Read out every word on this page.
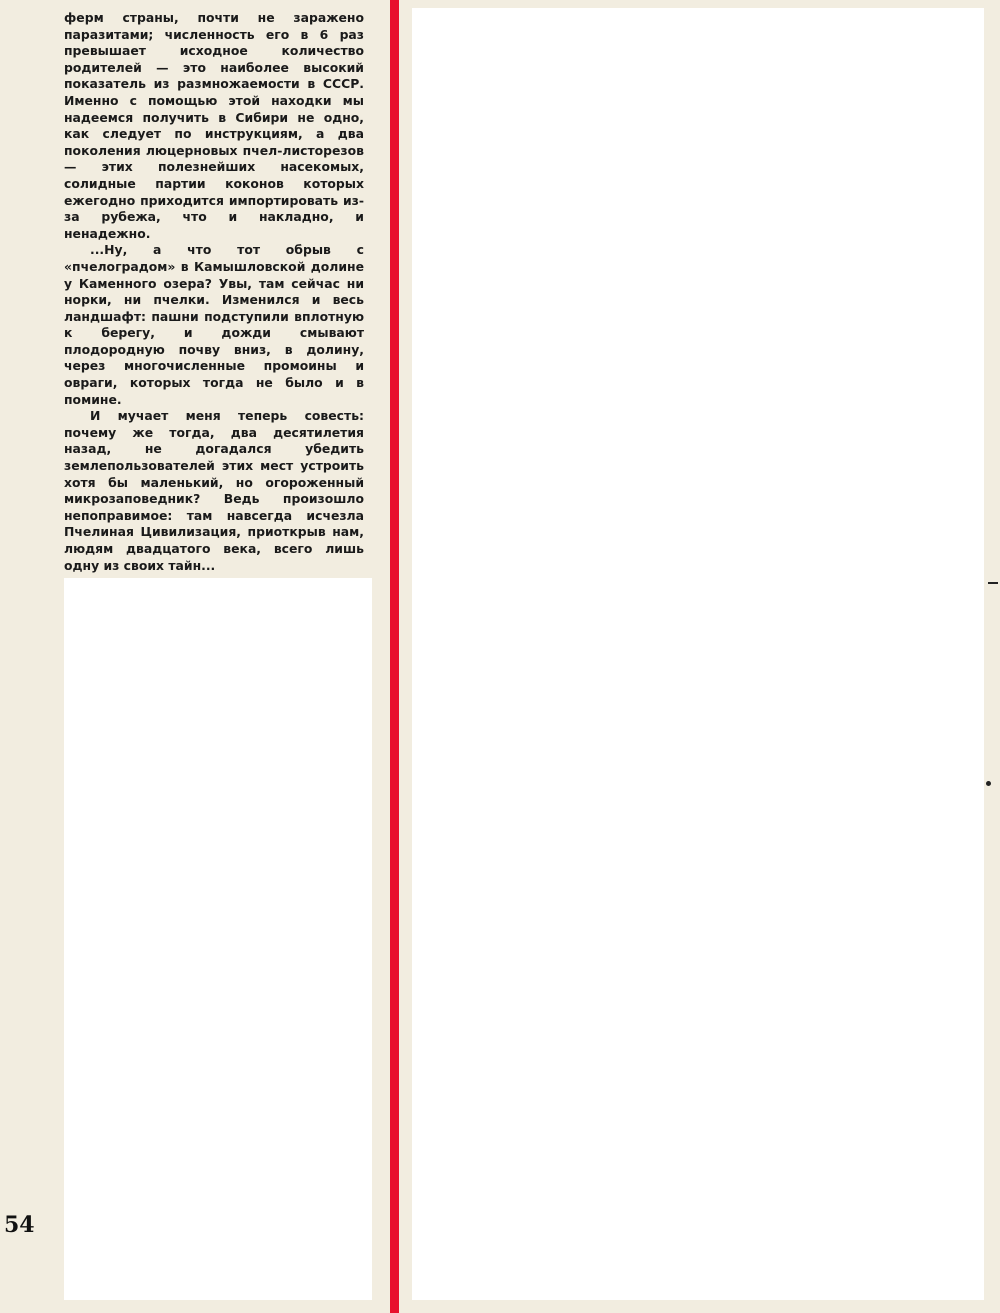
ферм страны, почти не заражено паразитами; численность его в 6 раз превышает исходное количество родителей — это наиболее высокий показатель из размножаемости в СССР. Именно с помощью этой находки мы надеемся получить в Сибири не одно, как следует по инструкциям, а два поколения люцерновых пчел-листорезов — этих полезнейших насекомых, солидные партии коконов которых ежегодно приходится импортировать из-за рубежа, что и накладно, и ненадежно.

...Ну, а что тот обрыв с «пчелоградом» в Камышловской долине у Каменного озера? Увы, там сейчас ни норки, ни пчелки. Изменился и весь ландшафт: пашни подступили вплотную к берегу, и дожди смывают плодородную почву вниз, в долину, через многочисленные промоины и овраги, которых тогда не было и в помине.

И мучает меня теперь совесть: почему же тогда, два десятилетия назад, не догадался убедить землепользователей этих мест устроить хотя бы маленький, но огороженный микрозаповедник? Ведь произошло непоправимое: там навсегда исчезла Пчелиная Цивилизация, приоткрыв нам, людям двадцатого века, всего лишь одну из своих тайн...

54
